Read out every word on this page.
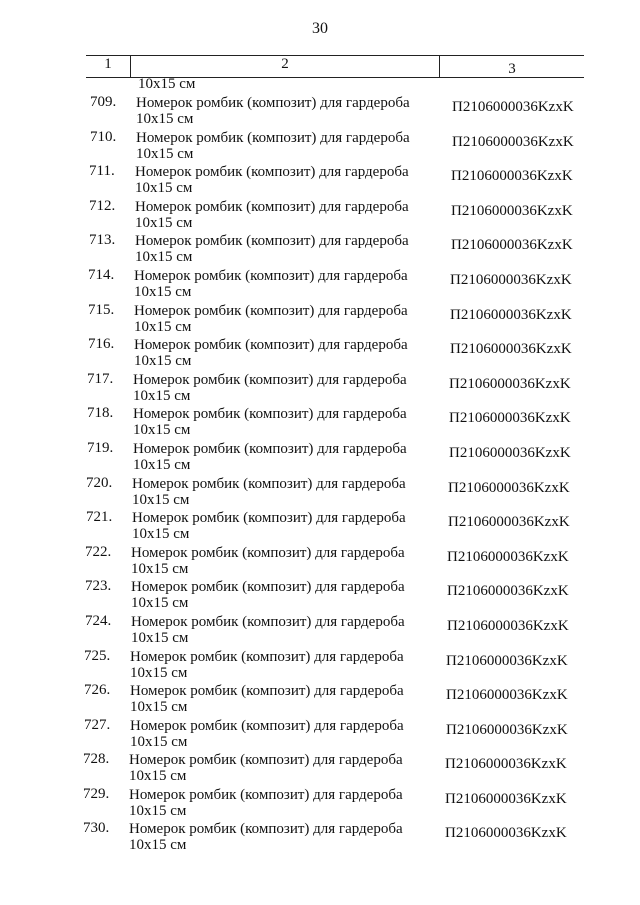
30
1	2	3
10х15 см
709. Номерок ромбик (композит) для гардероба
10х15 см
П2106000036KzxK
710. Номерок ромбик (композит) для гардероба
10х15 см
П2106000036KzxK
711. Номерок ромбик (композит) для гардероба
10х15 см
П2106000036KzxK
712. Номерок ромбик (композит) для гардероба
10х15 см
П2106000036KzxK
713. Номерок ромбик (композит) для гардероба
10х15 см
П2106000036KzxK
714. Номерок ромбик (композит) для гардероба
10х15 см
П2106000036KzxK
715. Номерок ромбик (композит) для гардероба
10х15 см
П2106000036KzxK
716. Номерок ромбик (композит) для гардероба
10х15 см
П2106000036KzxK
717. Номерок ромбик (композит) для гардероба
10х15 см
П2106000036KzxK
718. Номерок ромбик (композит) для гардероба
10х15 см
П2106000036KzxK
719. Номерок ромбик (композит) для гардероба
10х15 см
П2106000036KzxK
720. Номерок ромбик (композит) для гардероба
10х15 см
П2106000036KzxK
721. Номерок ромбик (композит) для гардероба
10х15 см
П2106000036KzxK
722. Номерок ромбик (композит) для гардероба
10х15 см
П2106000036KzxK
723. Номерок ромбик (композит) для гардероба
10х15 см
П2106000036KzxK
724. Номерок ромбик (композит) для гардероба
10х15 см
П2106000036KzxK
725. Номерок ромбик (композит) для гардероба
10х15 см
П2106000036KzxK
726. Номерок ромбик (композит) для гардероба
10х15 см
П2106000036KzxK
727. Номерок ромбик (композит) для гардероба
10х15 см
П2106000036KzxK
728. Номерок ромбик (композит) для гардероба
10х15 см
П2106000036KzxK
729. Номерок ромбик (композит) для гардероба
10х15 см
П2106000036KzxK
730. Номерок ромбик (композит) для гардероба
10х15 см
П2106000036KzxK
